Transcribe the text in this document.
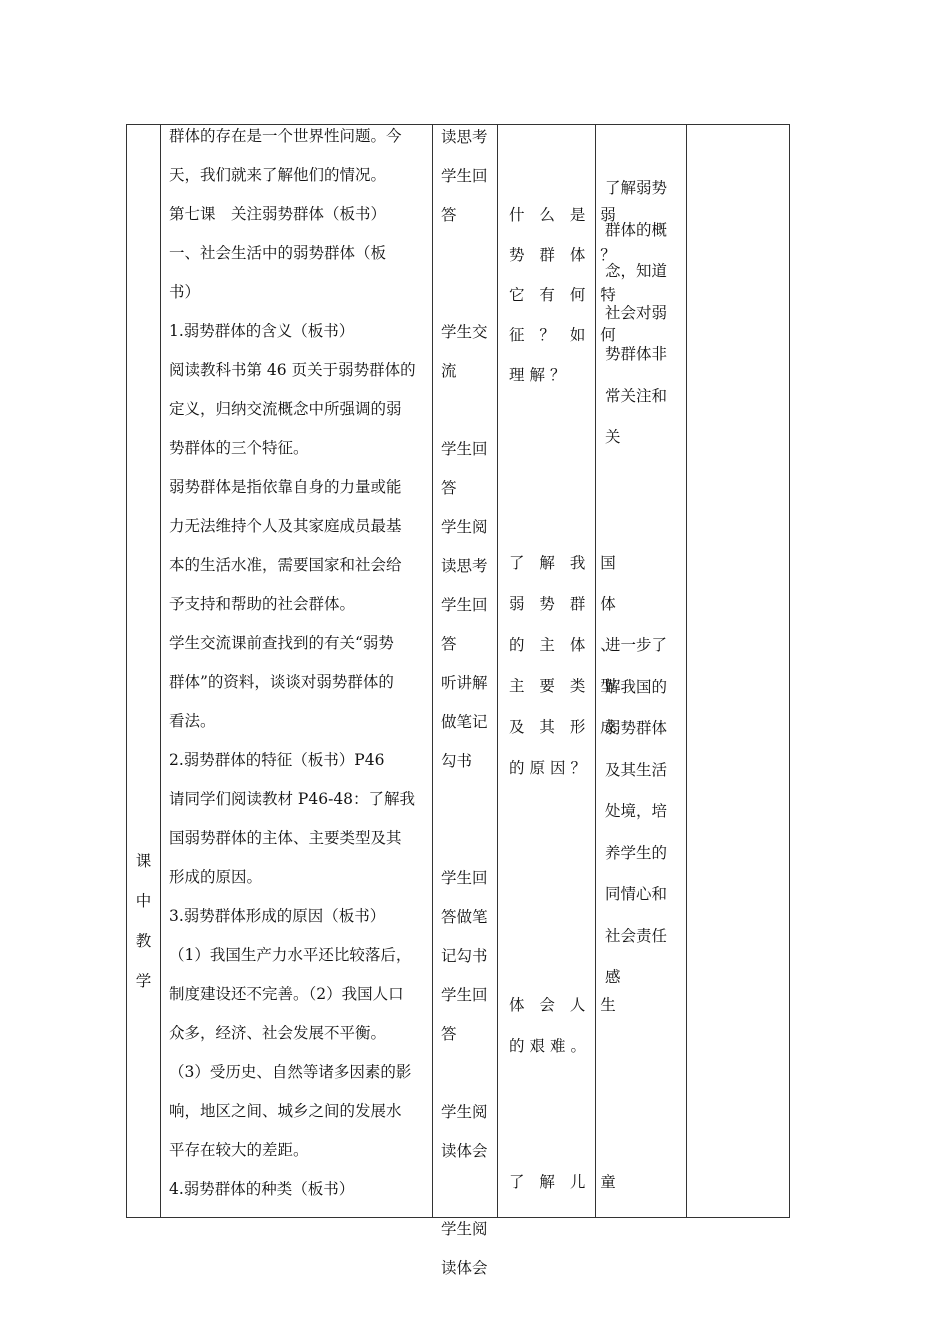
课
中
教
学
群体的存在是一个世界性问题。今
天，我们就来了解他们的情况。
第七课　关注弱势群体（板书）
一、社会生活中的弱势群体（板
书）
1.弱势群体的含义（板书）
阅读教科书第 46 页关于弱势群体的
定义，归纳交流概念中所强调的弱
势群体的三个特征。
弱势群体是指依靠自身的力量或能
力无法维持个人及其家庭成员最基
本的生活水准，需要国家和社会给
予支持和帮助的社会群体。
学生交流课前查找到的有关“弱势
群体”的资料，谈谈对弱势群体的
看法。
2.弱势群体的特征（板书）P46
请同学们阅读教材 P46-48：了解我
国弱势群体的主体、主要类型及其
形成的原因。
3.弱势群体形成的原因（板书）
（1）我国生产力水平还比较落后，
制度建设还不完善。（2）我国人口
众多，经济、社会发展不平衡。
（3）受历史、自然等诸多因素的影
响，地区之间、城乡之间的发展水
平存在较大的差距。
4.弱势群体的种类（板书）
读思考
学生回
答

学生交
流

学生回
答
学生阅
读思考
学生回
答
听讲解
做笔记
勾书

学生回
答做笔
记勾书
学生回
答

学生阅
读体会

学生阅
读体会
什 么 是 弱
势 群 体 ？
它 有 何 特
征 ？ 如 何
理解？
了 解 我 国
弱 势 群 体
的 主 体 、
主 要 类 型
及 其 形 成
的原因？
体 会 人 生
的艰难。
了 解 儿 童
了解弱势
群体的概
念，知道
社会对弱
势群体非
常关注和
关
进一步了
解我国的
弱势群体
及其生活
处境，培
养学生的
同情心和
社会责任
感
